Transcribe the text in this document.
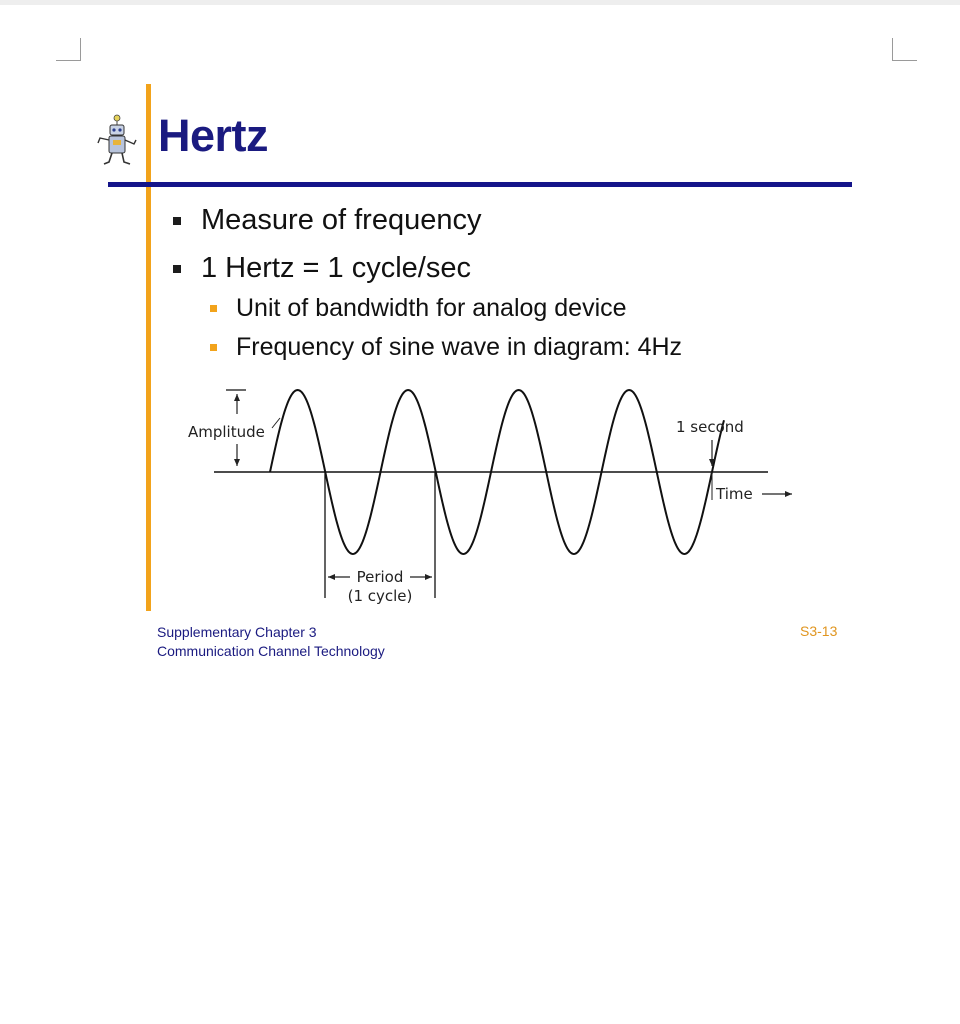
Hertz
Measure of frequency
1 Hertz = 1 cycle/sec
Unit of bandwidth for analog device
Frequency of sine wave in diagram: 4Hz
Amplitude	1 second
Time
Period
(1 cycle)
Supplementary Chapter 3
Communication Channel Technology
S3-13
